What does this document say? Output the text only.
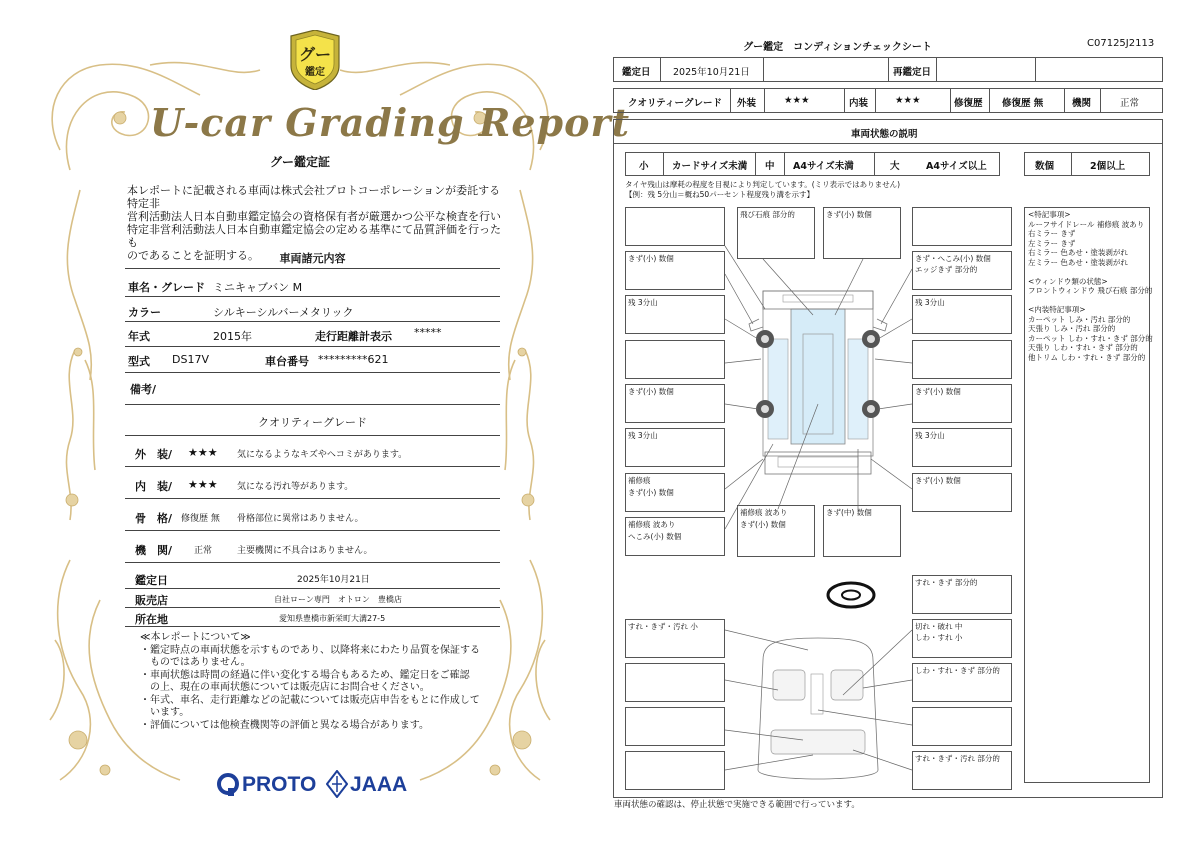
グー
鑑定
U-car Grading Report
グー鑑定証
本レポートに記載される車両は株式会社プロトコーポレーションが委託する特定非
営利活動法人日本自動車鑑定協会の資格保有者が厳選かつ公平な検査を行い
特定非営利活動法人日本自動車鑑定協会の定める基準にて品質評価を行ったも
のであることを証明する。	車両諸元内容
車名・グレード ミニキャブバン M
カラー	シルキーシルバーメタリック
年式	2015年	走行距離計表示 *****
型式 DS17V	車台番号 *********621
備考/
クオリティーグレード
外　装/ ★★★ 気になるようなキズやヘコミがあります。
内　装/ ★★★ 気になる汚れ等があります。
骨　格/ 修復歴 無 骨格部位に異常はありません。
機　関/ 正常	主要機関に不具合はありません。
鑑定日	2025年10月21日
販売店	自社ローン専門　オトロン　豊橋店
所在地	愛知県豊橋市新栄町大溝27-5
≪本レポートについて≫
・鑑定時点の車両状態を示すものであり、以降将来にわたり品質を保証する
　ものではありません。
・車両状態は時間の経過に伴い変化する場合もあるため、鑑定日をご確認
　の上、現在の車両状態については販売店にお問合せください。
・年式、車名、走行距離などの記載については販売店申告をもとに作成して
　います。
・評価については他検査機関等の評価と異なる場合があります。
PROTO JAAA
グー鑑定　コンディションチェックシート	C07125J2113
鑑定日 2025年10月21日	再鑑定日
クオリティーグレード 外装	★★★	内装	★★★	修復歴 修復歴 無	機関	正常
車両状態の説明
小 カードサイズ未満 中 A4サイズ未満	大	A4サイズ以上	数個	2個以上
タイヤ残山は摩耗の程度を目視により判定しています。(ミリ表示ではありません)
【例：残 5分山＝概ね50パーセント程度残り溝を示す】
<特記事項>
ルーフサイドレール 補修痕 波あり
右ミラー きず
左ミラー きず
右ミラー 色あせ・塗装剥がれ
左ミラー 色あせ・塗装剥がれ
<ウィンドウ類の状態>
フロントウィンドウ 飛び石痕 部分的
<内装特記事項>
カーペット しみ・汚れ 部分的
天張り しみ・汚れ 部分的
カーペット しわ・すれ・きず 部分的
天張り しわ・すれ・きず 部分的
他トリム しわ・すれ・きず 部分的
飛び石痕 部分的	きず(小) 数個
きず(小) 数個	きず・へこみ(小) 数個
エッジきず 部分的
残 3分山	残 3分山
きず(小) 数個	きず(小) 数個
残 3分山	残 3分山
補修痕
きず(小) 数個
きず(小) 数個
補修痕 波あり
へこみ(小) 数個
補修痕 波あり
きず(小) 数個
きず(中) 数個
すれ・きず 部分的
切れ・破れ 中
しわ・すれ 小
しわ・すれ・きず 部分的
すれ・きず・汚れ 部分的
すれ・きず・汚れ 小
車両状態の確認は、停止状態で実施できる範囲で行っています。
